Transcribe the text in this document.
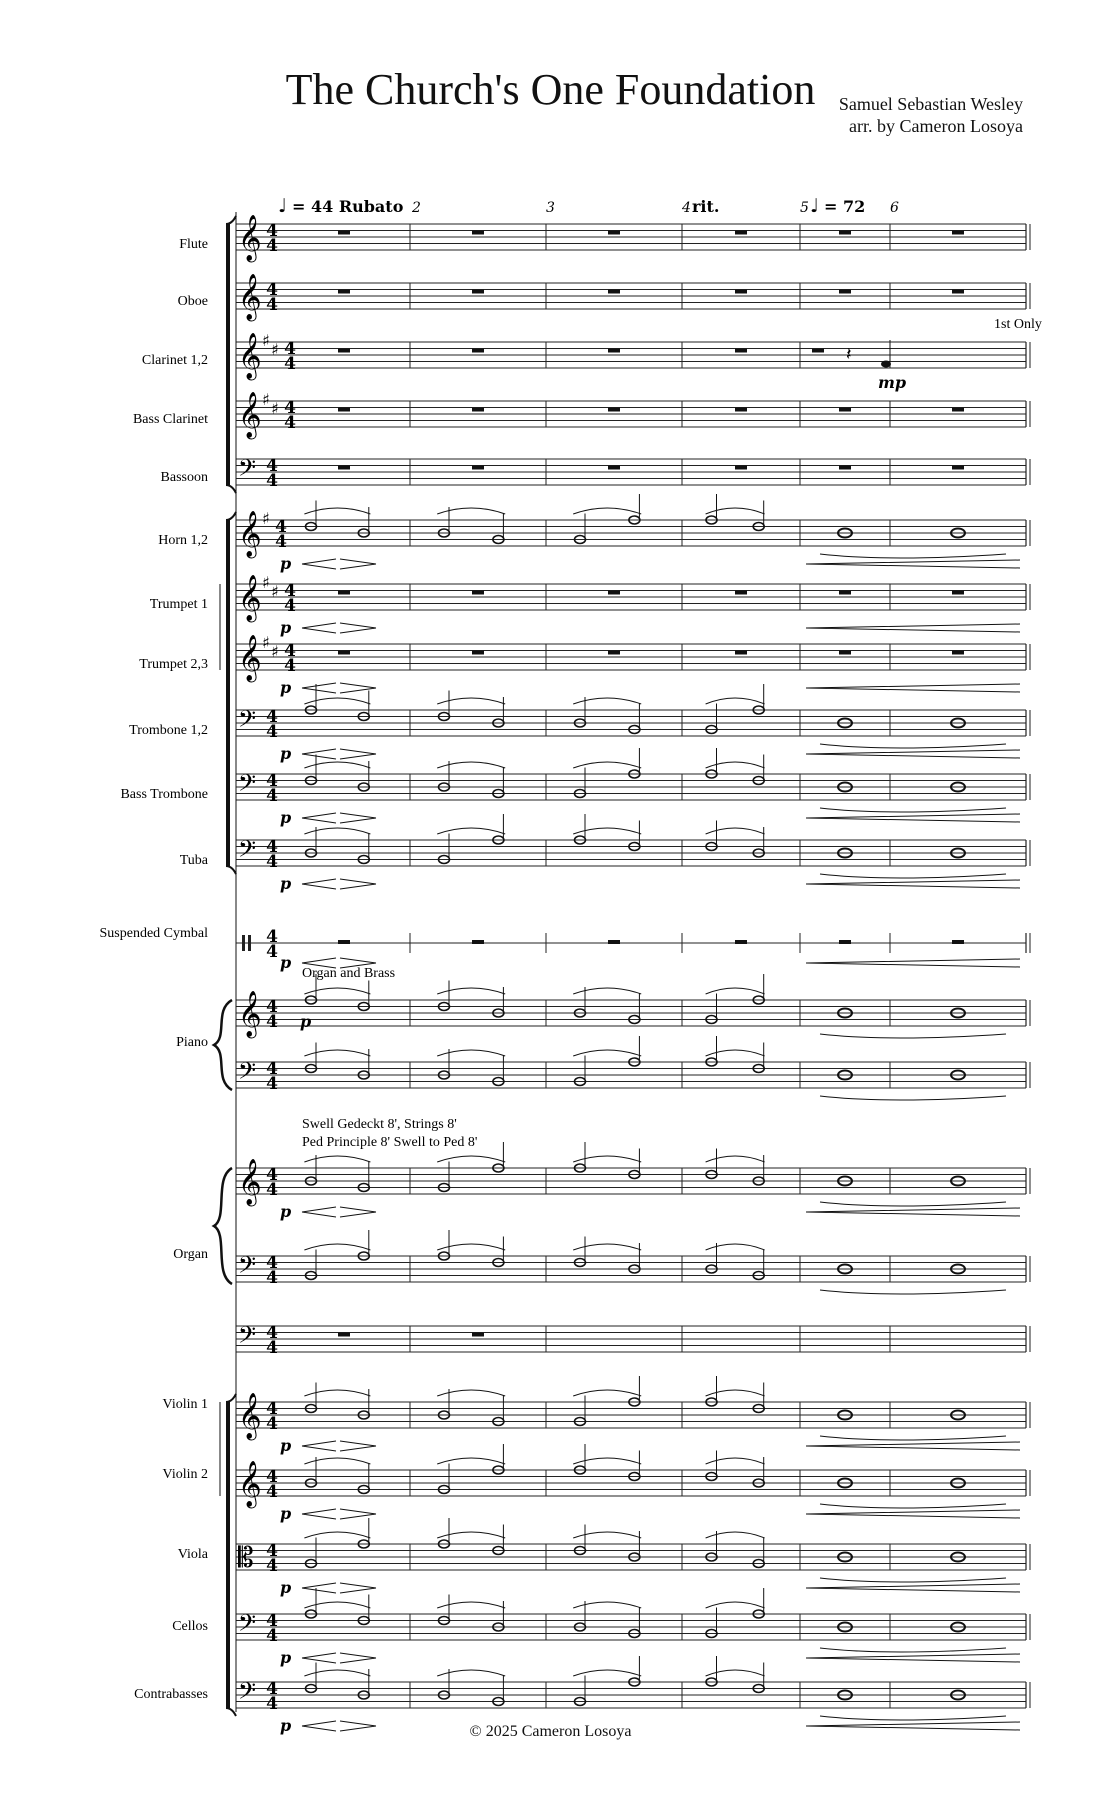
The Church's One Foundation	Samuel Sebastian Wesley
arr. by Cameron Losoya
♩ = 44 Rubato 2	3	4	5	6
rit.	♩ = 72
Flute
Oboe
Clarinet 1,2
Bass Clarinet
Bassoon
Horn 1,2
Trumpet 1
Trumpet 2,3
Trombone 1,2
Bass Trombone
Tuba
Suspended Cymbal
Piano
Organ
Violin 1
Violin 2
Viola
Cellos
Contrabasses
𝄞 4
4
𝄞 4
4
𝄞 ♯ ♯ 4
4
𝄞 ♯ ♯ 4
4
𝄢 4
4
𝄞 ♯ 4
4
𝄞 ♯ ♯ 4
4
𝄞 ♯ ♯ 4
4
𝄢 4
4
𝄢 4
4
𝄢 4
4
4
4
𝄞 4
4
𝄢 4
4
𝄞 4
4
𝄢 4
4
𝄢 4
4
𝄞 4
4
𝄞 4
4
𝄡 4
4
𝄢 4
4
𝄢 4
4
𝄽
p
p
p
p
p
p
p
p
p
p
p
p
p
mp
p
1st Only
Organ and Brass
Swell Gedeckt 8', Strings 8'
Ped Principle 8' Swell to Ped 8'
© 2025 Cameron Losoya
